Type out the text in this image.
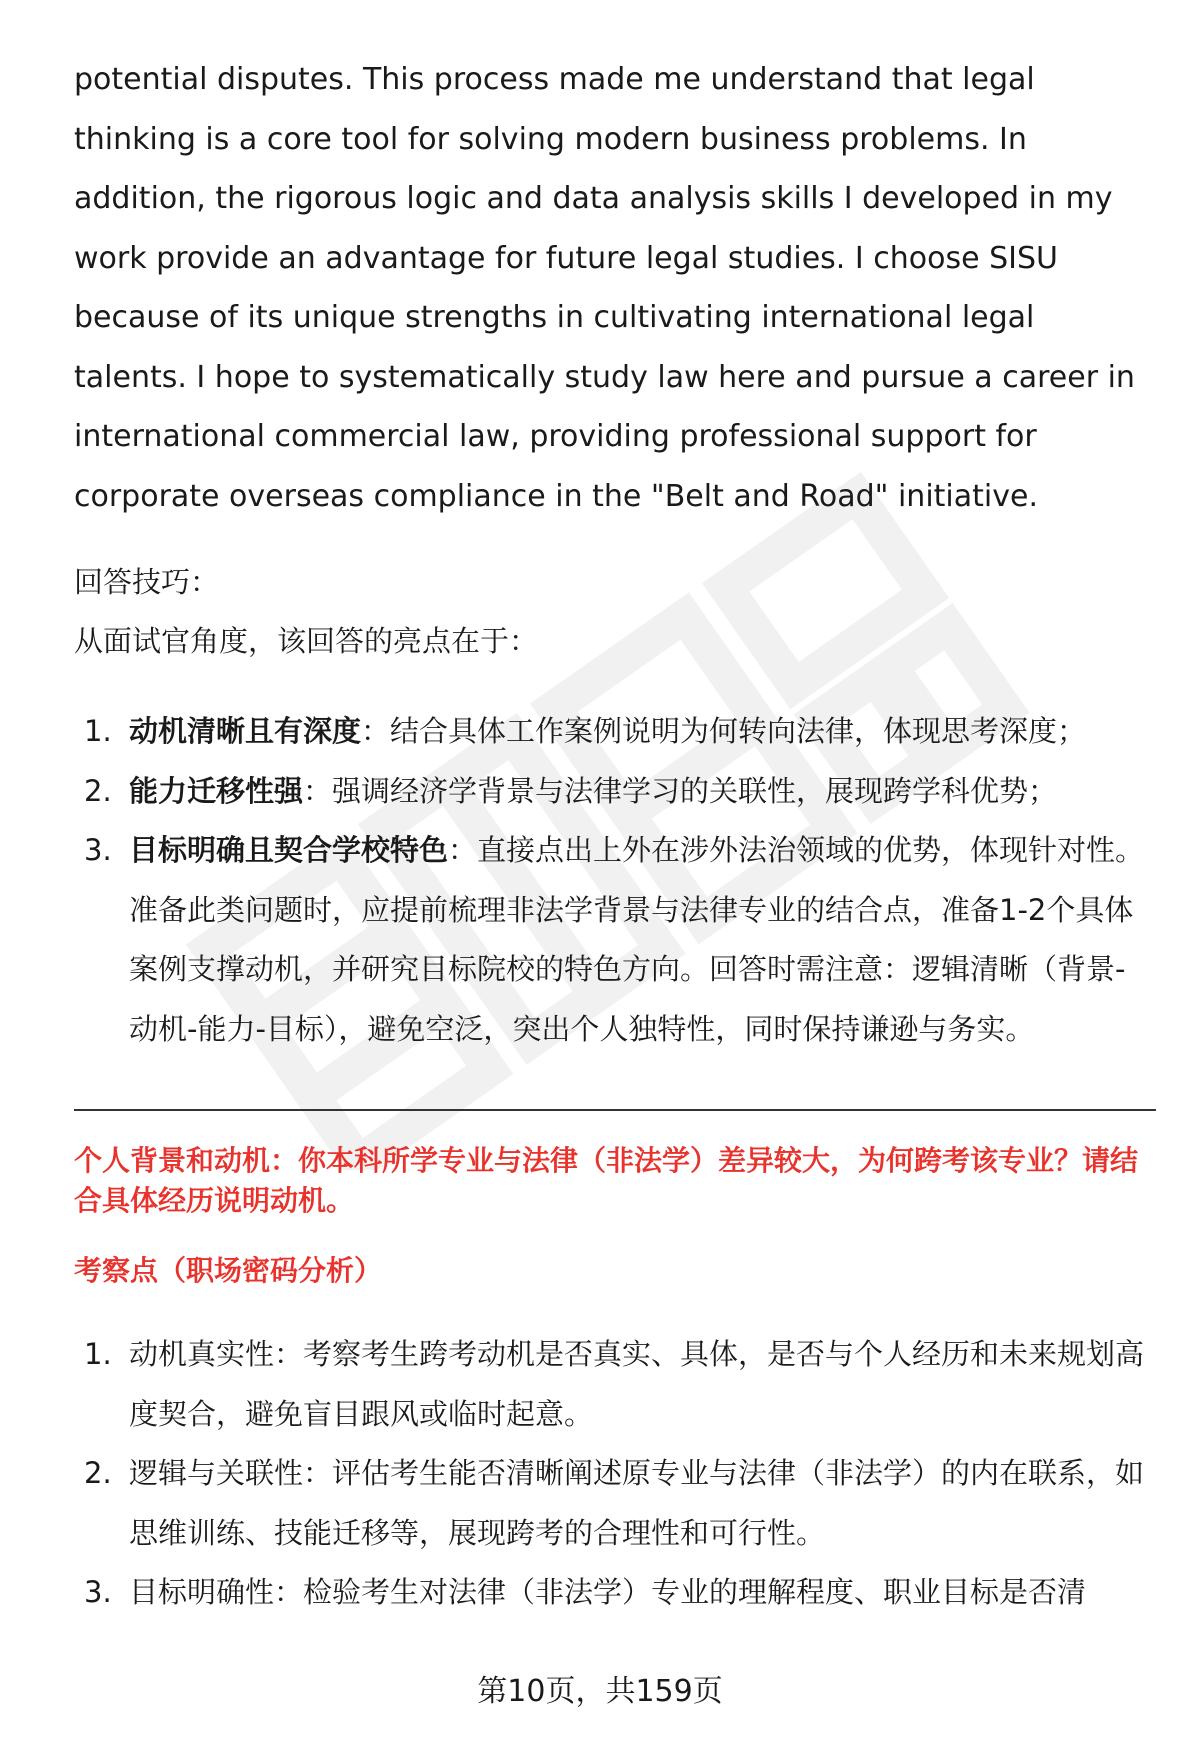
potential disputes. This process made me understand that legal thinking is a core tool for solving modern business problems. In addition, the rigorous logic and data analysis skills I developed in my work provide an advantage for future legal studies. I choose SISU because of its unique strengths in cultivating international legal talents. I hope to systematically study law here and pursue a career in international commercial law, providing professional support for corporate overseas compliance in the "Belt and Road" initiative.

回答技巧：

从面试官角度，该回答的亮点在于：

1. 动机清晰且有深度：结合具体工作案例说明为何转向法律，体现思考深度；
2. 能力迁移性强：强调经济学背景与法律学习的关联性，展现跨学科优势；
3. 目标明确且契合学校特色：直接点出上外在涉外法治领域的优势，体现针对性。
准备此类问题时，应提前梳理非法学背景与法律专业的结合点，准备1-2个具体案例支撑动机，并研究目标院校的特色方向。回答时需注意：逻辑清晰（背景-动机-能力-目标），避免空泛，突出个人独特性，同时保持谦逊与务实。

个人背景和动机：你本科所学专业与法律（非法学）差异较大，为何跨考该专业？请结合具体经历说明动机。

考察点（职场密码分析）

1. 动机真实性：考察考生跨考动机是否真实、具体，是否与个人经历和未来规划高度契合，避免盲目跟风或临时起意。
2. 逻辑与关联性：评估考生能否清晰阐述原专业与法律（非法学）的内在联系，如思维训练、技能迁移等，展现跨考的合理性和可行性。
3. 目标明确性：检验考生对法律（非法学）专业的理解程度、职业目标是否清
第10页，共159页
